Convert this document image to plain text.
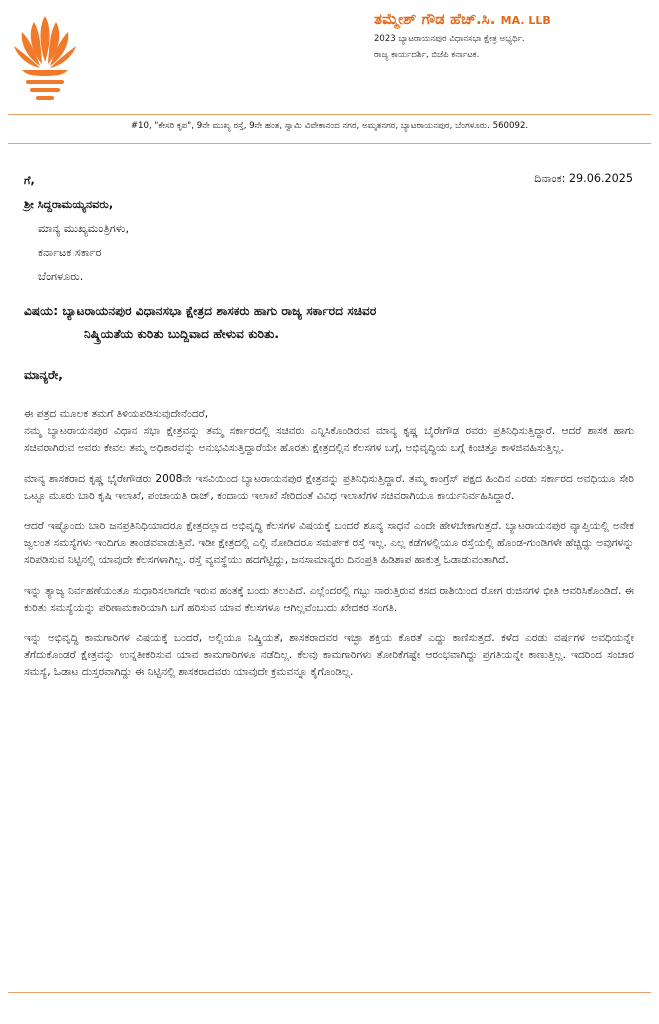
ತಮ್ಮೇಶ್ ಗೌಡ ಹೆಚ್.ಸಿ. MA. LLB
2023 ಬ್ಯಾಟರಾಯನಪುರ ವಿಧಾನಸಭಾ ಕ್ಷೇತ್ರ ಅಭ್ಯರ್ಥಿ.
ರಾಜ್ಯ ಕಾರ್ಯದರ್ಶಿ, ಬಿಜೆಪಿ ಕರ್ನಾಟಕ.
#10, "ಕೇಸರಿ ಕೃಪ", 9ನೇ ಮುಖ್ಯ ರಸ್ತೆ, 9ನೇ ಹಂತ, ಸ್ವಾಮಿ ವಿವೇಕಾನಂದ ನಗರ, ಅಮೃತನಗರ, ಬ್ಯಾಟರಾಯನಪುರ, ಬೆಂಗಳೂರು. 560092.
ದಿನಾಂಕ: 29.06.2025
ಗೆ,
ಶ್ರೀ ಸಿದ್ದರಾಮಯ್ಯನವರು,
ಮಾನ್ಯ ಮುಖ್ಯಮಂತ್ರಿಗಳು,
ಕರ್ನಾಟಕ ಸರ್ಕಾರ
ಬೆಂಗಳೂರು.
ವಿಷಯ: ಬ್ಯಾಟರಾಯನಪುರ ವಿಧಾನಸಭಾ ಕ್ಷೇತ್ರದ ಶಾಸಕರು ಹಾಗು ರಾಜ್ಯ ಸರ್ಕಾರದ ಸಚಿವರ
ನಿಷ್ಕ್ರಿಯತೆಯ ಕುರಿತು ಬುದ್ದಿವಾದ ಹೇಳುವ ಕುರಿತು.
ಮಾನ್ಯರೇ,

ಈ ಪತ್ರದ ಮೂಲಕ ತಮಗೆ ತಿಳಿಯಪಡಿಸುವುದೇನೆಂದರೆ,

ನಮ್ಮ ಬ್ಯಾಟರಾಯನಪುರ ವಿಧಾನ ಸಭಾ ಕ್ಷೇತ್ರವನ್ನು ತಮ್ಮ ಸರ್ಕಾರದಲ್ಲಿ ಸಚಿವರು ಎನ್ನಿಸಿಕೊಂಡಿರುವ ಮಾನ್ಯ ಕೃಷ್ಣ ಬೈರೇಗೌಡ ರವರು ಪ್ರತಿನಿಧಿಸುತ್ತಿದ್ದಾರೆ. ಆದರೆ ಶಾಸಕ ಹಾಗು ಸಚಿವರಾಗಿರುವ ಅವರು ಕೇವಲ ತಮ್ಮ ಅಧಿಕಾರವನ್ನು ಅನುಭವಿಸುತ್ತಿದ್ದಾರೆಯೇ ಹೊರತು ಕ್ಷೇತ್ರದಲ್ಲಿನ ಕೆಲಸಗಳ ಬಗ್ಗೆ, ಅಭಿವೃದ್ಧಿಯ ಬಗ್ಗೆ ಕಿಂಚಿತ್ತೂ ಕಾಳಜಿವಹಿಸುತ್ತಿಲ್ಲ.

ಮಾನ್ಯ ಶಾಸಕರಾದ ಕೃಷ್ಣ ಭೈರೇಗೌಡರು 2008ನೇ ಇಸವಿಯಿಂದ ಬ್ಯಾಟರಾಯನಪುರ ಕ್ಷೇತ್ರವನ್ನು ಪ್ರತಿನಿಧಿಸುತ್ತಿದ್ದಾರೆ. ತಮ್ಮ ಕಾಂಗ್ರೆಸ್ ಪಕ್ಷದ ಹಿಂದಿನ ಎರಡು ಸರ್ಕಾರದ ಅವಧಿಯೂ ಸೇರಿ ಒಟ್ಟೂ ಮೂರು ಬಾರಿ ಕೃಷಿ ಇಲಾಖೆ, ಪಂಚಾಯತಿ ರಾಜ್, ಕಂದಾಯ ಇಲಾಖೆ ಸೇರಿದಂತೆ ವಿವಿಧ ಇಲಾಖೆಗಳ ಸಚಿವರಾಗಿಯೂ ಕಾರ್ಯನಿರ್ವಹಿಸಿದ್ದಾರೆ.

ಆದರೆ ಇಷ್ಟೊಂದು ಬಾರಿ ಜನಪ್ರತಿನಿಧಿಯಾದರೂ ಕ್ಷೇತ್ರದಲ್ಲಾದ ಅಭಿವೃದ್ಧಿ ಕೆಲಸಗಳ ವಿಷಯಕ್ಕೆ ಬಂದರೆ ಶೂನ್ಯ ಸಾಧನೆ ಎಂದೇ ಹೇಳಬೇಕಾಗುತ್ತದೆ. ಬ್ಯಾಟರಾಯನಪುರ ವ್ಯಾಪ್ತಿಯಲ್ಲಿ ಅನೇಕ ಜ್ವಲಂತ ಸಮಸ್ಯೆಗಳು ಇಂದಿಗೂ ತಾಂಡವವಾಡುತ್ತಿವೆ. ಇಡೀ ಕ್ಷೇತ್ರದಲ್ಲಿ ಎಲ್ಲಿ ನೋಡಿದರೂ ಸಮರ್ಪಕ ರಸ್ತೆ ಇಲ್ಲ. ಎಲ್ಲ ಕಡೆಗಳಲ್ಲಿಯೂ ರಸ್ತೆಯಲ್ಲಿ ಹೊಂಡ-ಗುಂಡಿಗಳೇ ಹೆಚ್ಚಿದ್ದು ಅವುಗಳನ್ನು ಸರಿಪಡಿಸುವ ನಿಟ್ಟಿನಲ್ಲಿ ಯಾವುದೇ ಕೆಲಸಗಳಾಗಿಲ್ಲ. ರಸ್ತೆ ವ್ಯವಸ್ಥೆಯು ಹದಗೆಟ್ಟಿದ್ದು, ಜನಸಾಮಾನ್ಯರು ದಿನಂಪ್ರತಿ ಹಿಡಿಶಾಪ ಹಾಕುತ್ತ ಓಡಾಡುವಂತಾಗಿದೆ.

ಇನ್ನು ತ್ಯಾಜ್ಯ ನಿರ್ವಹಣೆಯಂತೂ ಸುಧಾರಿಸಲಾಗದೇ ಇರುವ ಹಂತಕ್ಕೆ ಬಂದು ತಲುಪಿದೆ. ಎಲ್ಲೆಂದರಲ್ಲಿ ಗಬ್ಬು ನಾರುತ್ತಿರುವ ಕಸದ ರಾಶಿಯಿಂದ ರೋಗ ರುಜಿನಗಳ ಭೀತಿ ಆವರಿಸಿಕೊಂಡಿದೆ. ಈ ಕುರಿತು ಸಮಸ್ಯೆಯನ್ನು ಪರಿಣಾಮಕಾರಿಯಾಗಿ ಬಗೆ ಹರಿಸುವ ಯಾವ ಕೆಲಸಗಳೂ ಆಗಿಲ್ಲವೆಂಬುದು ಖೇದಕರ ಸಂಗತಿ.

ಇನ್ನು ಅಭಿವೃದ್ಧಿ ಕಾಮಗಾರಿಗಳ ವಿಷಯಕ್ಕೆ ಬಂದರೆ, ಅಲ್ಲಿಯೂ ನಿಷ್ಕ್ರಿಯತೆ, ಶಾಸಕರಾದವರ ಇಚ್ಛಾ ಶಕ್ತಿಯ ಕೊರತೆ ಎದ್ದು ಕಾಣಿಸುತ್ತದೆ. ಕಳೆದ ಎರಡು ವರ್ಷಗಳ ಅವಧಿಯನ್ನೇ ತೆಗೆದುಕೊಂಡರೆ ಕ್ಷೇತ್ರವನ್ನು ಉನ್ನತೀಕರಿಸುವ ಯಾವ ಕಾಮಗಾರಿಗಳೂ ನಡೆದಿಲ್ಲ. ಕೆಲವು ಕಾಮಗಾರಿಗಳು ತೋರಿಕೆಗಷ್ಟೇ ಆರಂಭವಾಗಿದ್ದು ಪ್ರಗತಿಯನ್ನೇ ಕಾಣುತ್ತಿಲ್ಲ. ಇದರಿಂದ ಸಂಚಾರ ಸಮಸ್ಯೆ, ಓಡಾಟ ದುಸ್ತರವಾಗಿದ್ದು ಈ ನಿಟ್ಟಿನಲ್ಲಿ ಶಾಸಕರಾದವರು ಯಾವುದೇ ಕ್ರಮವನ್ನೂ ಕೈಗೊಂಡಿಲ್ಲ.
